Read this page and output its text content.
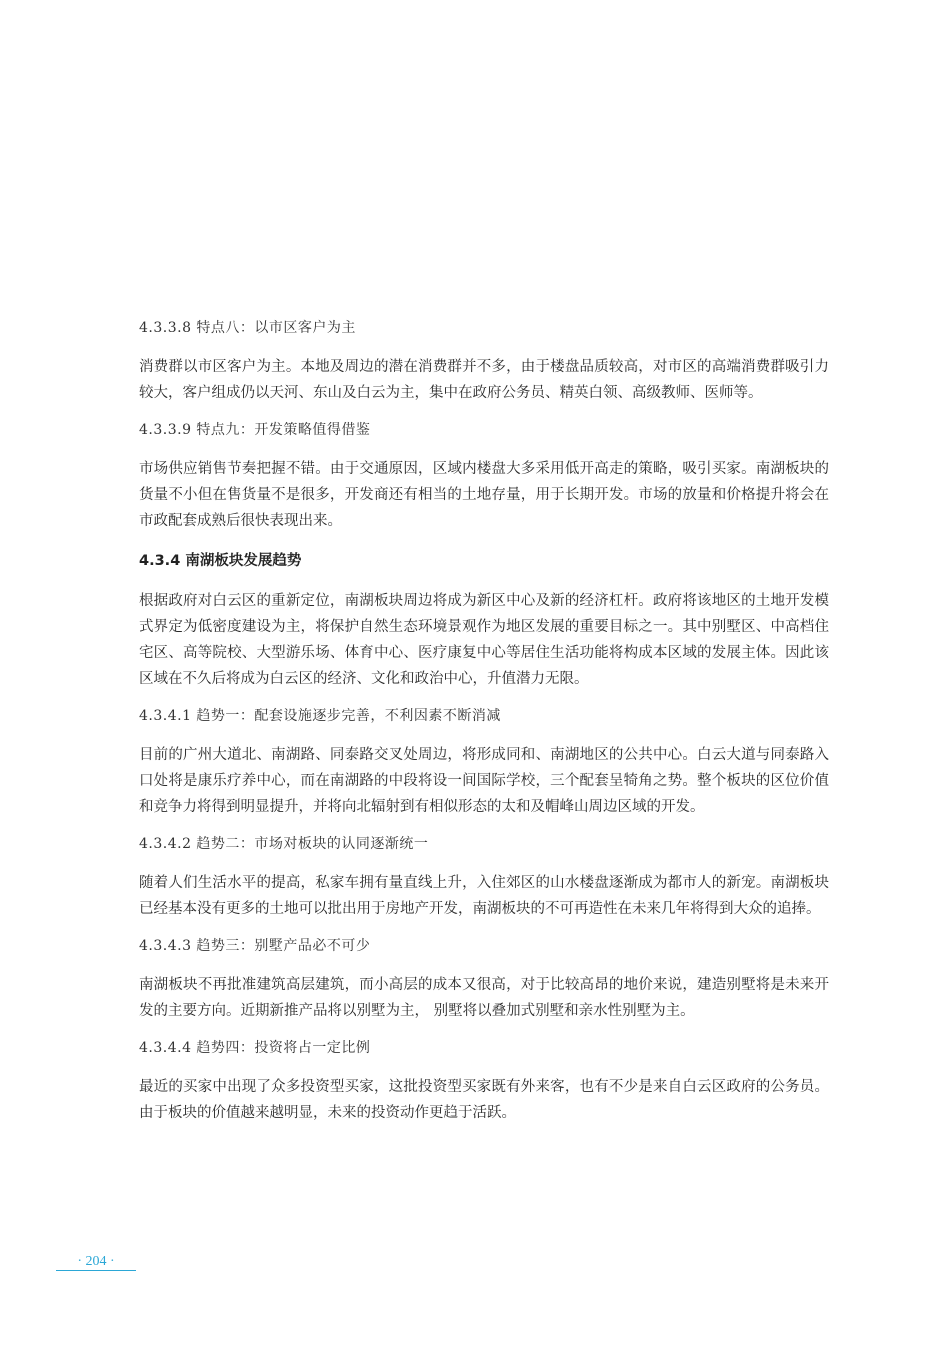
4.3.3.8 特点八：以市区客户为主

消费群以市区客户为主。本地及周边的潜在消费群并不多，由于楼盘品质较高，对市区的高端消费群吸引力较大，客户组成仍以天河、东山及白云为主，集中在政府公务员、精英白领、高级教师、医师等。

4.3.3.9 特点九：开发策略值得借鉴

市场供应销售节奏把握不错。由于交通原因，区域内楼盘大多采用低开高走的策略，吸引买家。南湖板块的货量不小但在售货量不是很多，开发商还有相当的土地存量，用于长期开发。市场的放量和价格提升将会在市政配套成熟后很快表现出来。

4.3.4 南湖板块发展趋势

根据政府对白云区的重新定位，南湖板块周边将成为新区中心及新的经济杠杆。政府将该地区的土地开发模式界定为低密度建设为主，将保护自然生态环境景观作为地区发展的重要目标之一。其中别墅区、中高档住宅区、高等院校、大型游乐场、体育中心、医疗康复中心等居住生活功能将构成本区域的发展主体。因此该区域在不久后将成为白云区的经济、文化和政治中心，升值潜力无限。

4.3.4.1 趋势一：配套设施逐步完善，不利因素不断消减

目前的广州大道北、南湖路、同泰路交叉处周边，将形成同和、南湖地区的公共中心。白云大道与同泰路入口处将是康乐疗养中心，而在南湖路的中段将设一间国际学校，三个配套呈犄角之势。整个板块的区位价值和竞争力将得到明显提升，并将向北辐射到有相似形态的太和及帽峰山周边区域的开发。

4.3.4.2 趋势二：市场对板块的认同逐渐统一

随着人们生活水平的提高，私家车拥有量直线上升，入住郊区的山水楼盘逐渐成为都市人的新宠。南湖板块已经基本没有更多的土地可以批出用于房地产开发，南湖板块的不可再造性在未来几年将得到大众的追捧。

4.3.4.3 趋势三：别墅产品必不可少

南湖板块不再批准建筑高层建筑，而小高层的成本又很高，对于比较高昂的地价来说，建造别墅将是未来开发的主要方向。近期新推产品将以别墅为主， 别墅将以叠加式别墅和亲水性别墅为主。

4.3.4.4 趋势四：投资将占一定比例

最近的买家中出现了众多投资型买家，这批投资型买家既有外来客，也有不少是来自白云区政府的公务员。由于板块的价值越来越明显，未来的投资动作更趋于活跃。

· 204 ·
